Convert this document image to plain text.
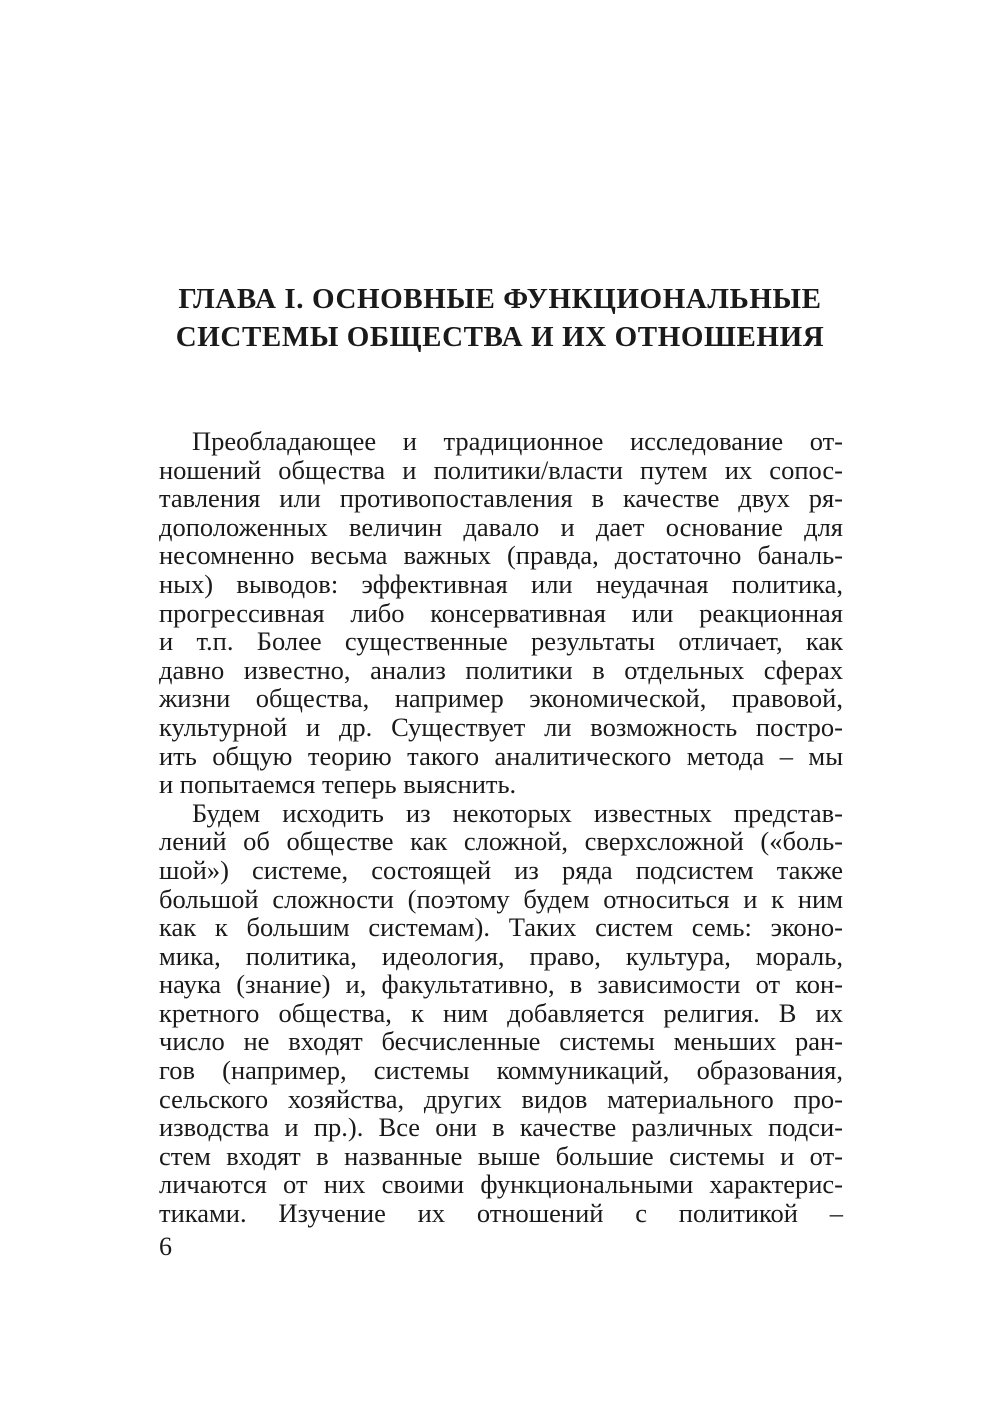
ГЛАВА I. ОСНОВНЫЕ ФУНКЦИОНАЛЬНЫЕ
СИСТЕМЫ ОБЩЕСТВА И ИХ ОТНОШЕНИЯ
Преобладающее и традиционное исследование от-
ношений общества и политики/власти путем их сопос-
тавления или противопоставления в качестве двух ря-
доположенных величин давало и дает основание для
несомненно весьма важных (правда, достаточно баналь-
ных) выводов: эффективная или неудачная политика,
прогрессивная либо консервативная или реакционная
и т.п. Более существенные результаты отличает, как
давно известно, анализ политики в отдельных сферах
жизни общества, например экономической, правовой,
культурной и др. Существует ли возможность постро-
ить общую теорию такого аналитического метода – мы
и попытаемся теперь выяснить.
Будем исходить из некоторых известных представ-
лений об обществе как сложной, сверхсложной («боль-
шой») системе, состоящей из ряда подсистем также
большой сложности (поэтому будем относиться и к ним
как к большим системам). Таких систем семь: эконо-
мика, политика, идеология, право, культура, мораль,
наука (знание) и, факультативно, в зависимости от кон-
кретного общества, к ним добавляется религия. В их
число не входят бесчисленные системы меньших ран-
гов (например, системы коммуникаций, образования,
сельского хозяйства, других видов материального про-
изводства и пр.). Все они в качестве различных подси-
стем входят в названные выше большие системы и от-
личаются от них своими функциональными характерис-
тиками. Изучение их отношений с политикой –
6
